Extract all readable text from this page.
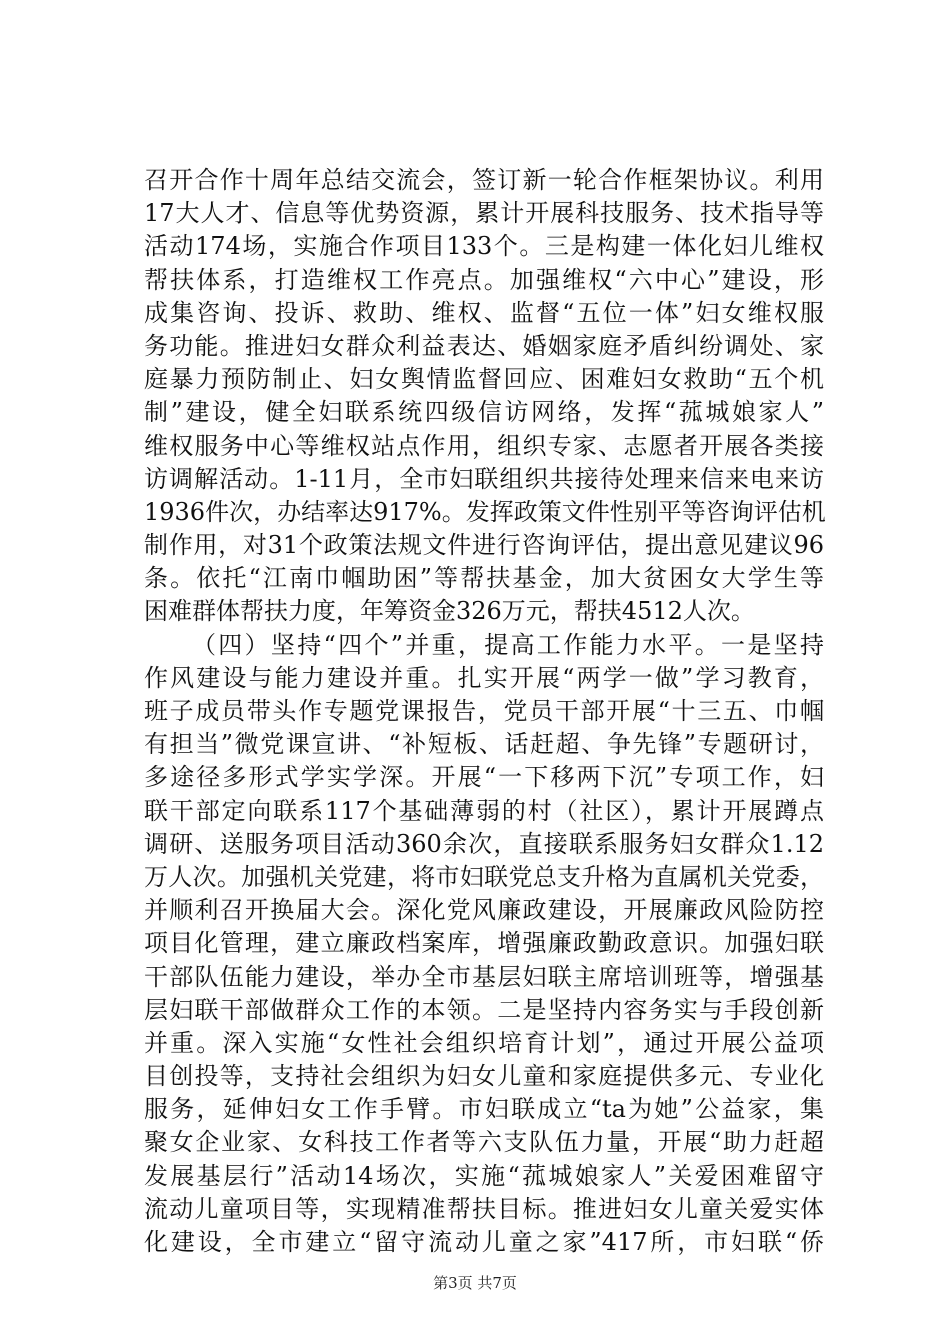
召开合作十周年总结交流会，签订新一轮合作框架协议。利用
17大人才、信息等优势资源，累计开展科技服务、技术指导等
活动174场，实施合作项目133个。三是构建一体化妇儿维权
帮扶体系，打造维权工作亮点。加强维权“六中心”建设，形
成集咨询、投诉、救助、维权、监督“五位一体”妇女维权服
务功能。推进妇女群众利益表达、婚姻家庭矛盾纠纷调处、家
庭暴力预防制止、妇女舆情监督回应、困难妇女救助“五个机
制”建设，健全妇联系统四级信访网络，发挥“菰城娘家人”
维权服务中心等维权站点作用，组织专家、志愿者开展各类接
访调解活动。1-11月，全市妇联组织共接待处理来信来电来访
1936件次，办结率达917%。发挥政策文件性别平等咨询评估机
制作用，对31个政策法规文件进行咨询评估，提出意见建议96
条。依托“江南巾帼助困”等帮扶基金，加大贫困女大学生等
困难群体帮扶力度，年筹资金326万元，帮扶4512人次。
（四）坚持“四个”并重，提高工作能力水平。一是坚持
作风建设与能力建设并重。扎实开展“两学一做”学习教育，
班子成员带头作专题党课报告，党员干部开展“十三五、巾帼
有担当”微党课宣讲、“补短板、话赶超、争先锋”专题研讨，
多途径多形式学实学深。开展“一下移两下沉”专项工作，妇
联干部定向联系117个基础薄弱的村（社区），累计开展蹲点
调研、送服务项目活动360余次，直接联系服务妇女群众1.12
万人次。加强机关党建，将市妇联党总支升格为直属机关党委，
并顺利召开换届大会。深化党风廉政建设，开展廉政风险防控
项目化管理，建立廉政档案库，增强廉政勤政意识。加强妇联
干部队伍能力建设，举办全市基层妇联主席培训班等，增强基
层妇联干部做群众工作的本领。二是坚持内容务实与手段创新
并重。深入实施“女性社会组织培育计划”，通过开展公益项
目创投等，支持社会组织为妇女儿童和家庭提供多元、专业化
服务，延伸妇女工作手臂。市妇联成立“ta为她”公益家，集
聚女企业家、女科技工作者等六支队伍力量，开展“助力赶超
发展基层行”活动14场次，实施“菰城娘家人”关爱困难留守
流动儿童项目等，实现精准帮扶目标。推进妇女儿童关爱实体
化建设，全市建立“留守流动儿童之家”417所，市妇联“侨
第3页 共7页
